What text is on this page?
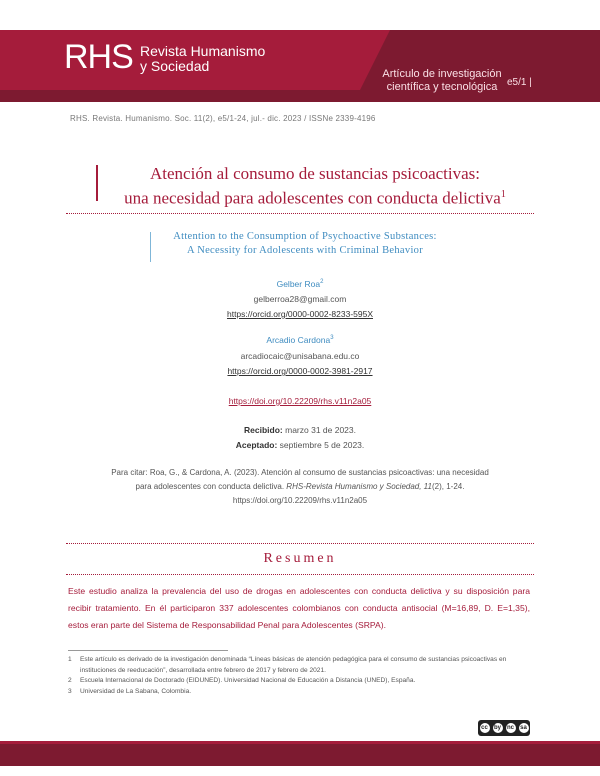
RHS Revista Humanismo
y Sociedad	Artículo de investigación científica y tecnológica e5/1 |
RHS. Revista. Humanismo. Soc. 11(2), e5/1-24, jul.- dic. 2023 / ISSNe 2339-4196
Atención al consumo de sustancias psicoactivas:
una necesidad para adolescentes con conducta delictiva$^1$
Attention to the Consumption of Psychoactive Substances:
A Necessity for Adolescents with Criminal Behavior
Gelber Roa$^2$
gelberroa28@gmail.com
https://orcid.org/0000-0002-8233-595X
Arcadio Cardona$^3$
arcadiocaic@unisabana.edu.co
https://orcid.org/0000-0002-3981-2917
https://doi.org/10.22209/rhs.v11n2a05
Recibido: marzo 31 de 2023.
Aceptado: septiembre 5 de 2023.
Para citar: Roa, G., & Cardona, A. (2023). Atención al consumo de sustancias psicoactivas: una necesidad
para adolescentes con conducta delictiva. RHS-Revista Humanismo y Sociedad, 11(2), 1-24.
https://doi.org/10.22209/rhs.v11n2a05
Resumen
Este estudio analiza la prevalencia del uso de drogas en adolescentes con conducta delictiva y su disposición para recibir tratamiento. En él participaron 337 adolescentes colombianos con conducta antisocial (M=16,89, D. E=1,35), estos eran parte del Sistema de Responsabilidad Penal para Adolescentes (SRPA).
1	Este artículo es derivado de la investigación denominada “Líneas básicas de atención pedagógica para el consumo de sustancias psicoactivas en instituciones de reeducación”, desarrollada entre febrero de 2017 y febrero de 2021.
2	Escuela Internacional de Doctorado (EIDUNED). Universidad Nacional de Educación a Distancia (UNED), España.
3	Universidad de La Sabana, Colombia.
cc by nc sa
